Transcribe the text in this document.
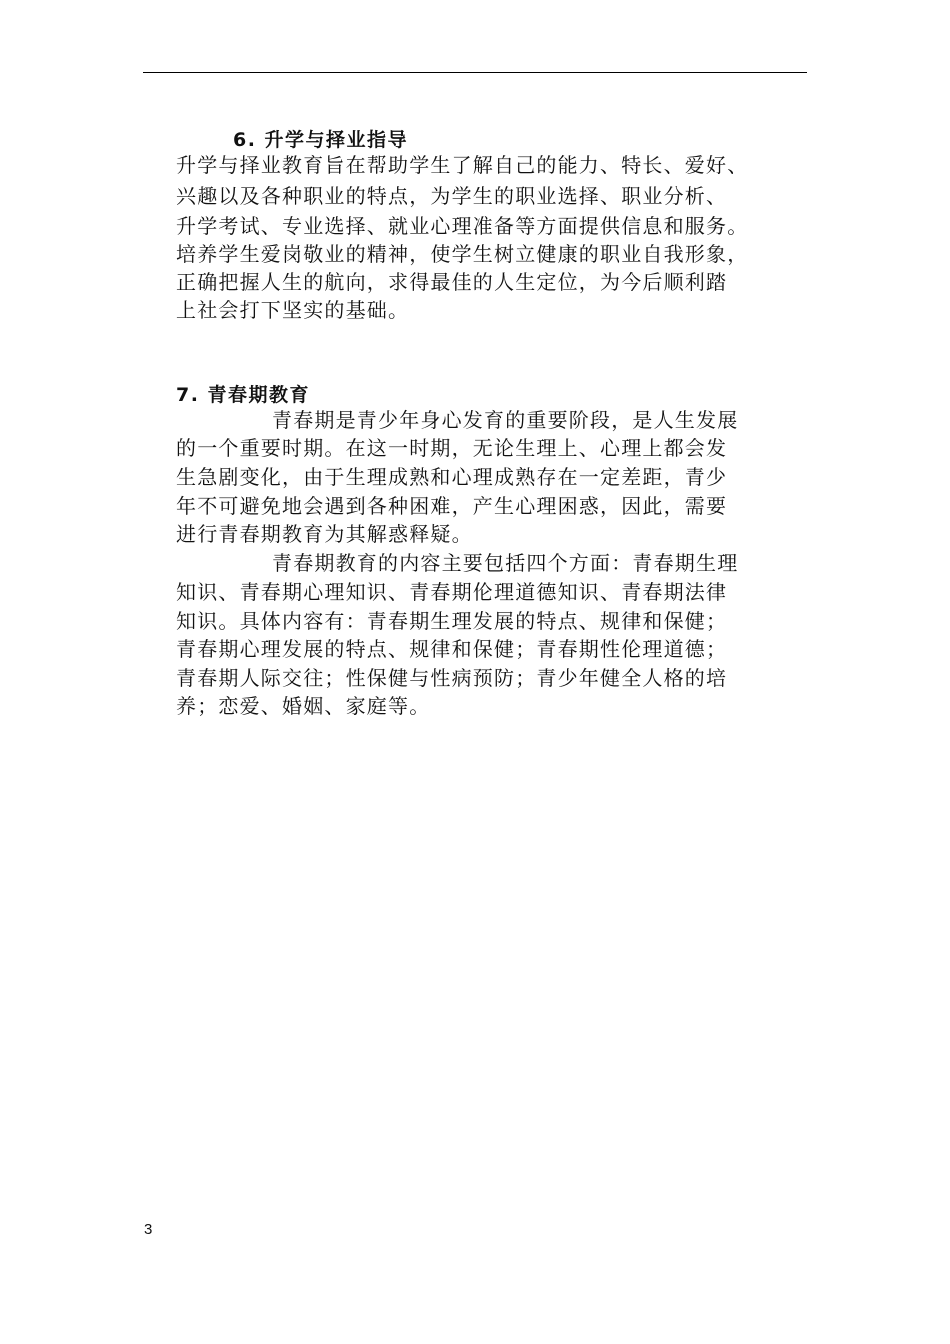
6. 升学与择业指导
升学与择业教育旨在帮助学生了解自己的能力、特长、爱好、
兴趣以及各种职业的特点，为学生的职业选择、职业分析、
升学考试、专业选择、就业心理准备等方面提供信息和服务。
培养学生爱岗敬业的精神，使学生树立健康的职业自我形象，
正确把握人生的航向，求得最佳的人生定位，为今后顺利踏
上社会打下坚实的基础。
7. 青春期教育
青春期是青少年身心发育的重要阶段，是人生发展
的一个重要时期。在这一时期，无论生理上、心理上都会发
生急剧变化，由于生理成熟和心理成熟存在一定差距，青少
年不可避免地会遇到各种困难，产生心理困惑，因此，需要
进行青春期教育为其解惑释疑。
青春期教育的内容主要包括四个方面：青春期生理
知识、青春期心理知识、青春期伦理道德知识、青春期法律
知识。具体内容有：青春期生理发展的特点、规律和保健；
青春期心理发展的特点、规律和保健；青春期性伦理道德；
青春期人际交往；性保健与性病预防；青少年健全人格的培
养；恋爱、婚姻、家庭等。
3
